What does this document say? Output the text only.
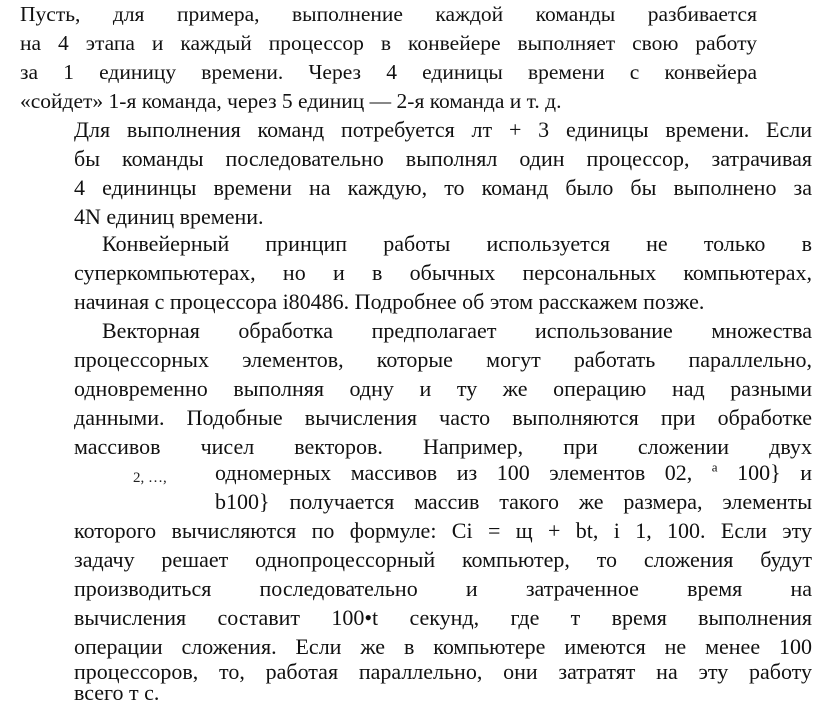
Пусть, для примера, выполнение каждой команды разбивается
на 4 этапа и каждый процессор в конвейере выполняет свою работу
за 1 единицу времени. Через 4 единицы времени с конвейера
«сойдет» 1-я команда, через 5 единиц — 2-я команда и т. д.
Для выполнения команд потребуется лт + 3 единицы времени. Если
бы команды последовательно выполнял один процессор, затрачивая
4 едининцы времени на каждую, то команд было бы выполнено за
4N единиц времени.
Конвейерный принцип работы используется не только в
суперкомпьютерах, но и в обычных персональных компьютерах,
начиная с процессора i80486. Подробнее об этом расскажем позже.
Векторная обработка предполагает использование множества
процессорных элементов, которые могут работать параллельно,
одновременно выполняя одну и ту же операцию над разными
данными. Подобные вычисления часто выполняются при обработке
массивов чисел векторов. Например, при сложении двух
2, …, одномерных массивов из 100 элементов 02, $^а$ 100} и
b100} получается массив такого же размера, элементы
которого вычисляются по формуле: Ci = щ + bt, i 1, 100. Если эту
задачу решает однопроцессорный компьютер, то сложения будут
производиться последовательно и затраченное время на
вычисления составит 100•t секунд, где т время выполнения
операции сложения. Если же в компьютере имеются не менее 100
процессоров, то, работая параллельно, они затратят на эту работу
всего т с.
